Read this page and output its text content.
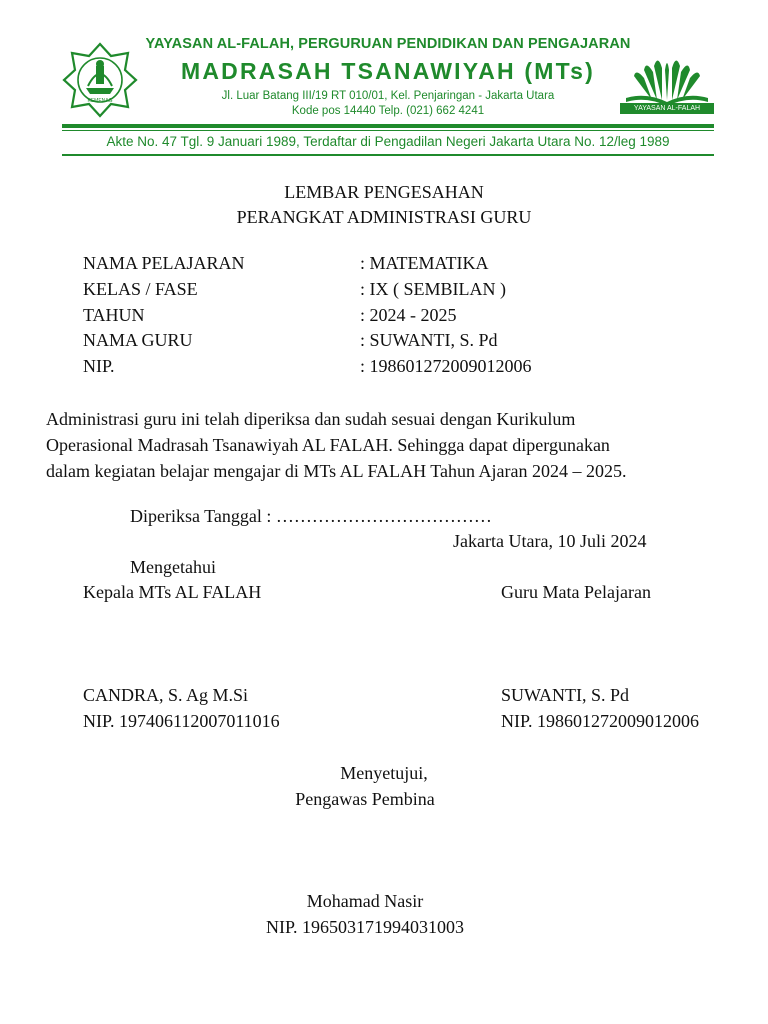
KEMENAG
YAYASAN AL-FALAH, PERGURUAN PENDIDIKAN DAN PENGAJARAN
MADRASAH TSANAWIYAH (MTs)
Jl. Luar Batang III/19 RT 010/01, Kel. Penjaringan - Jakarta Utara
Kode pos 14440 Telp. (021) 662 4241	YAYASAN AL-FALAH
Akte No. 47 Tgl. 9 Januari 1989, Terdaftar di Pengadilan Negeri Jakarta Utara No. 12/leg 1989
LEMBAR PENGESAHAN
PERANGKAT ADMINISTRASI GURU
NAMA PELAJARAN	: MATEMATIKA
KELAS / FASE	: IX ( SEMBILAN )
TAHUN	: 2024 - 2025
NAMA GURU	: SUWANTI, S. Pd
NIP.	: 198601272009012006
Administrasi guru ini telah diperiksa dan sudah sesuai dengan Kurikulum
Operasional Madrasah Tsanawiyah AL FALAH. Sehingga dapat dipergunakan
dalam kegiatan belajar mengajar di MTs AL FALAH Tahun Ajaran 2024 – 2025.
Diperiksa Tanggal : ………………………………
Jakarta Utara, 10 Juli 2024
Mengetahui
Kepala MTs AL FALAH	Guru Mata Pelajaran
CANDRA, S. Ag M.Si	SUWANTI, S. Pd
NIP. 197406112007011016	NIP. 198601272009012006
Menyetujui,
Pengawas Pembina
Mohamad Nasir
NIP. 196503171994031003
